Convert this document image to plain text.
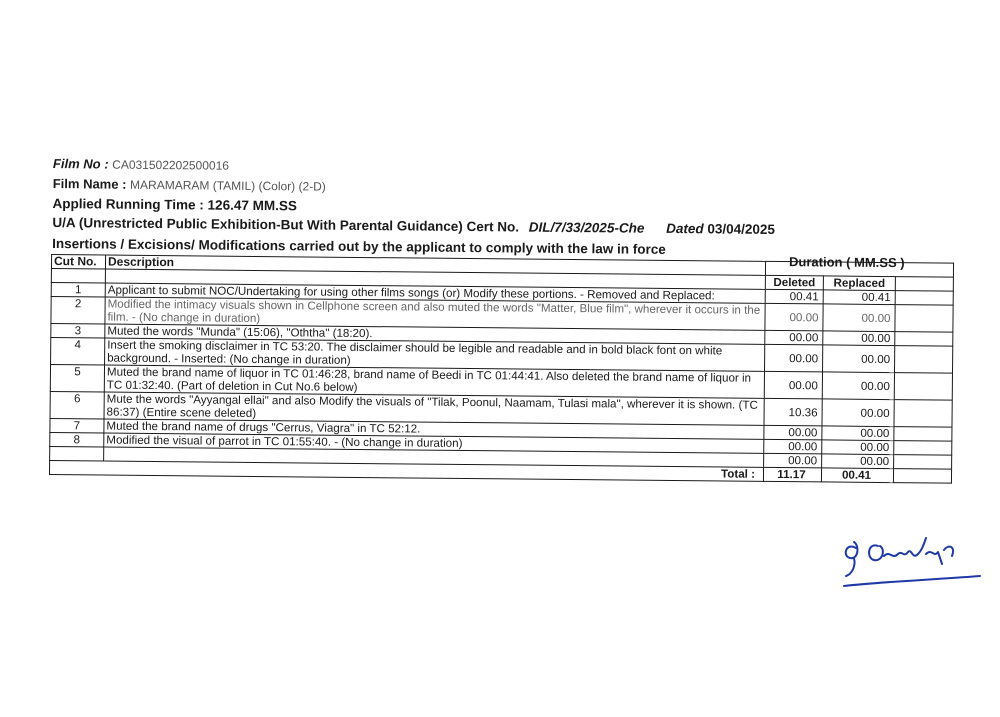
Film No : CA031502202500016
Film Name : MARAMARAM (TAMIL) (Color) (2-D)
Applied Running Time : 126.47 MM.SS
U/A (Unrestricted Public Exhibition-But With Parental Guidance) Cert No. DIL/7/33/2025-Che Dated 03/04/2025
Insertions / Excisions/ Modifications carried out by the applicant to comply with the law in force
Duration ( MM.SS )
Cut No.	Description			
		Deleted	Replaced	
1	Applicant to submit NOC/Undertaking for using other films songs (or) Modify these portions. - Removed and Replaced:	00.41	00.41	
2	Modified the intimacy visuals shown in Cellphone screen and also muted the words "Matter, Blue film", wherever it occurs in the film. - (No change in duration)	00.00	00.00	
3	Muted the words "Munda" (15:06), "Oththa" (18:20).	00.00	00.00	
4	Insert the smoking disclaimer in TC 53:20. The disclaimer should be legible and readable and in bold black font on white background. - Inserted: (No change in duration)	00.00	00.00	
5	Muted the brand name of liquor in TC 01:46:28, brand name of Beedi in TC 01:44:41. Also deleted the brand name of liquor in TC 01:32:40. (Part of deletion in Cut No.6 below)	00.00	00.00	
6	Mute the words "Ayyangal ellai" and also Modify the visuals of "Tilak, Poonul, Naamam, Tulasi mala", wherever it is shown. (TC 86:37) (Entire scene deleted)	10.36	00.00	
7	Muted the brand name of drugs "Cerrus, Viagra" in TC 52:12.	00.00	00.00	
8	Modified the visual of parrot in TC 01:55:40. - (No change in duration)	00.00	00.00	
		00.00	00.00	
Total :		11.17	00.41	
